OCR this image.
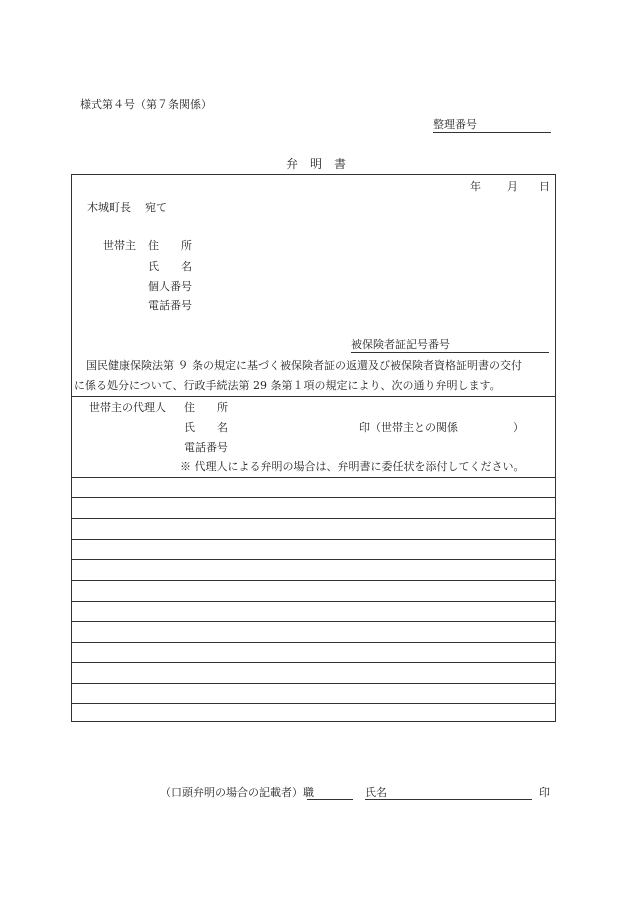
様式第４号（第７条関係）
整理番号
弁　明　書
年 月 日
木城町長 宛て
世帯主 住　　所
氏　　名
個人番号
電話番号
被保険者証記号番号
国民健康保険法第 ９ 条の規定に基づく被保険者証の返還及び被保険者資格証明書の交付
に係る処分について、行政手続法第 29 条第１項の規定により、次の通り弁明します。
世帯主の代理人 住　　所
氏　　名	印（世帯主との関係　　　　　）
電話番号
※ 代理人による弁明の場合は、弁明書に委任状を添付してください。
（口頭弁明の場合の記載者）職	氏名	印
